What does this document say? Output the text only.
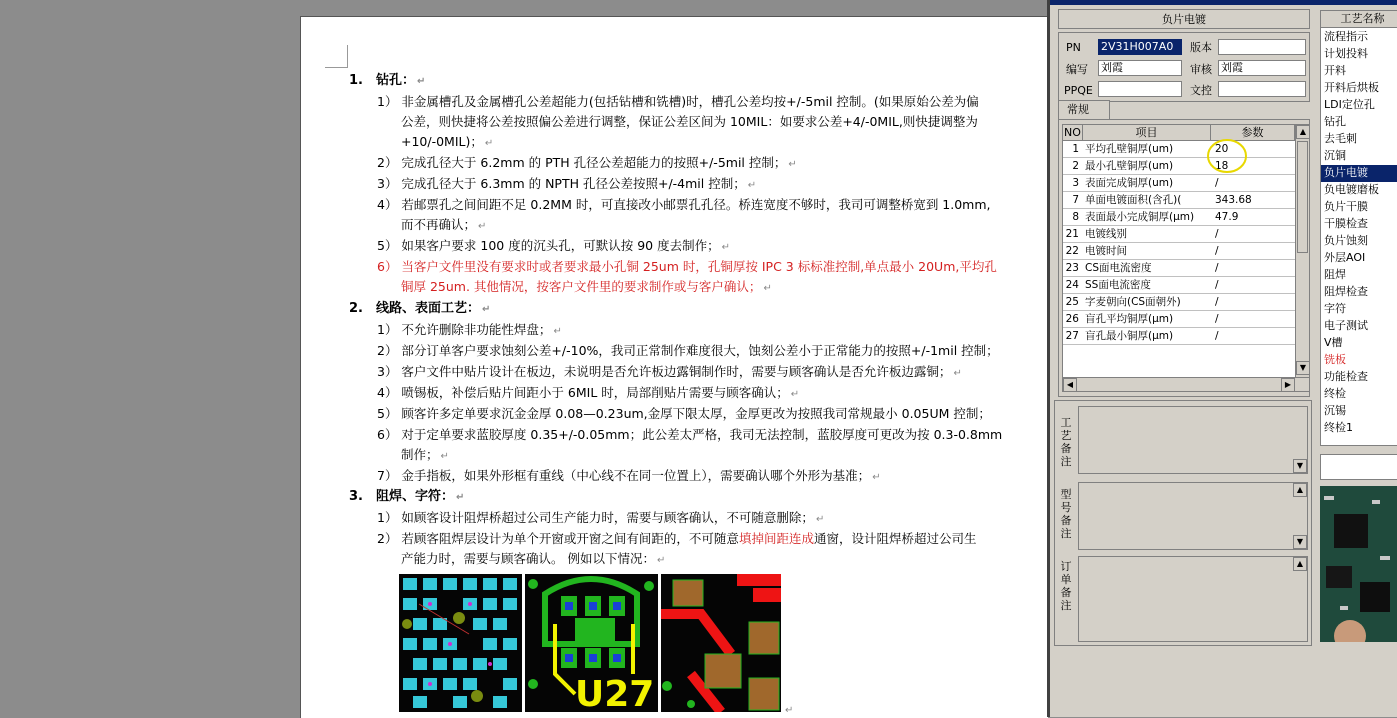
1.　钻孔： ↵
1） 非金属槽孔及金属槽孔公差超能力(包括钻槽和铣槽)时，槽孔公差均按+/-5mil 控制。(如果原始公差为偏
公差，则快捷将公差按照偏公差进行调整，保证公差区间为 10MIL：如要求公差+4/-0MIL,则快捷调整为
+10/-0MIL)； ↵
2） 完成孔径大于 6.2mm 的 PTH 孔径公差超能力的按照+/-5mil 控制； ↵
3） 完成孔径大于 6.3mm 的 NPTH 孔径公差按照+/-4mil 控制； ↵
4） 若邮票孔之间间距不足 0.2MM 时，可直接改小邮票孔孔径。桥连宽度不够时，我司可调整桥宽到 1.0mm,
而不再确认； ↵
5） 如果客户要求 100 度的沉头孔，可默认按 90 度去制作； ↵
6） 当客户文件里没有要求时或者要求最小孔铜 25um 时，孔铜厚按 IPC 3 标标准控制,单点最小 20Um,平均孔
铜厚 25um. 其他情况，按客户文件里的要求制作或与客户确认； ↵
2.　线路、表面工艺： ↵
1） 不允许删除非功能性焊盘； ↵
2） 部分订单客户要求蚀刻公差+/-10%，我司正常制作难度很大，蚀刻公差小于正常能力的按照+/-1mil 控制；
3） 客户文件中贴片设计在板边，未说明是否允许板边露铜制作时，需要与顾客确认是否允许板边露铜； ↵
4） 喷锡板，补偿后贴片间距小于 6MIL 时，局部削贴片需要与顾客确认； ↵
5） 顾客许多定单要求沉金金厚 0.08—0.23um,金厚下限太厚，金厚更改为按照我司常规最小 0.05UM 控制；
6） 对于定单要求蓝胶厚度 0.35+/-0.05mm；此公差太严格，我司无法控制，蓝胶厚度可更改为按 0.3-0.8mm
制作； ↵
7） 金手指板，如果外形框有重线（中心线不在同一位置上），需要确认哪个外形为基准； ↵
3.　阻焊、字符： ↵
1） 如顾客设计阻焊桥超过公司生产能力时，需要与顾客确认，不可随意删除； ↵
2） 若顾客阻焊层设计为单个开窗或开窗之间有间距的，不可随意填掉间距连成通窗，设计阻焊桥超过公司生
产能力时，需要与顾客确认。 例如以下情况： ↵
U27	↵
负片电镀
PN 2V31H007A0	版本
编写 刘霞	审核 刘霞
PPQE	文控
常规
NO	项目	参数
1 平均孔壁铜厚(um)	20
2 最小孔壁铜厚(um)	18
3 表面完成铜厚(um)	/
7 单面电镀面积(含孔)(	343.68
8 表面最小完成铜厚(μm) 47.9
21 电镀线别	/
22 电镀时间	/
23 CS面电流密度	/
24 SS面电流密度	/
25 字麦朝向(CS面朝外)	/
26 盲孔平均铜厚(μm)	/
27 盲孔最小铜厚(μm)	/
▲
▼
◀	▶
工艺备注	▼
型号备注
▲
▼
订单备注
▲
工艺名称
流程指示
计划投料
开料
开料后烘板
LDI定位孔
钻孔
去毛刺
沉铜
负片电镀
负电镀磨板
负片干膜
干膜检查
负片蚀刻
外层AOI
阻焊
阻焊检查
字符
电子测试
V槽
铣板
功能检查
终检
沉锡
终检1
